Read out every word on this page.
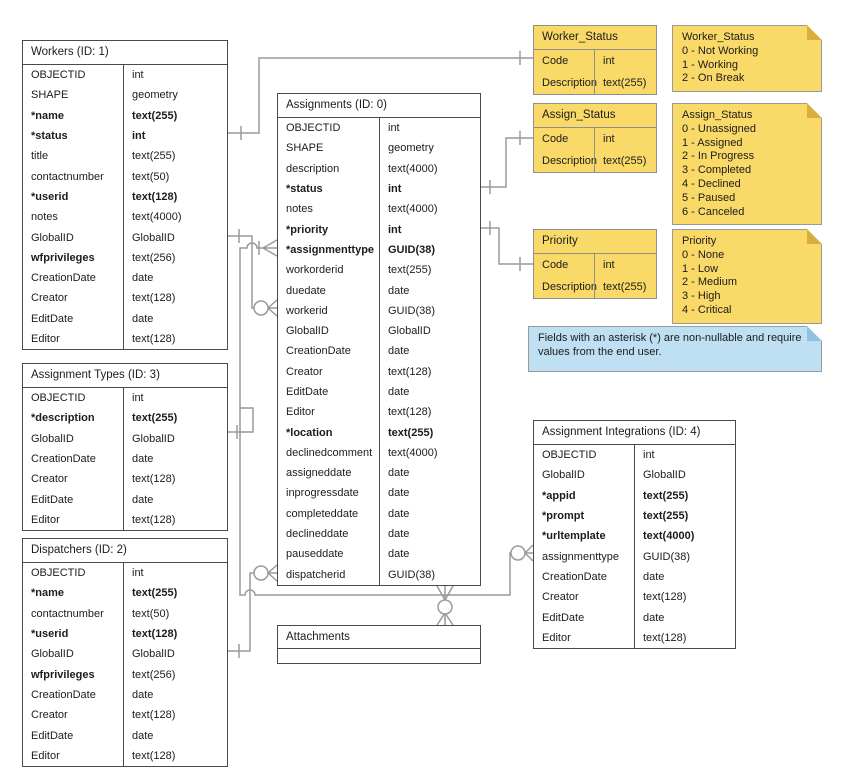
Workers (ID: 1)
OBJECTID	int
SHAPE	geometry
*name	text(255)
*status	int
title	text(255)
contactnumber	text(50)
*userid	text(128)
notes	text(4000)
GlobalID	GlobalID
wfprivileges	text(256)
CreationDate	date
Creator	text(128)
EditDate	date
Editor	text(128)
Assignment Types (ID: 3)
OBJECTID	int
*description	text(255)
GlobalID	GlobalID
CreationDate	date
Creator	text(128)
EditDate	date
Editor	text(128)
Dispatchers (ID: 2)
OBJECTID	int
*name	text(255)
contactnumber	text(50)
*userid	text(128)
GlobalID	GlobalID
wfprivileges	text(256)
CreationDate	date
Creator	text(128)
EditDate	date
Editor	text(128)
Assignments (ID: 0)
OBJECTID	int
SHAPE	geometry
description	text(4000)
*status	int
notes	text(4000)
*priority	int
*assignmenttype	GUID(38)
workorderid	text(255)
duedate	date
workerid	GUID(38)
GlobalID	GlobalID
CreationDate	date
Creator	text(128)
EditDate	date
Editor	text(128)
*location	text(255)
declinedcomment	text(4000)
assigneddate	date
inprogressdate	date
completeddate	date
declineddate	date
pauseddate	date
dispatcherid	GUID(38)
Attachments
Assignment Integrations (ID: 4)
OBJECTID	int
GlobalID	GlobalID
*appid	text(255)
*prompt	text(255)
*urltemplate	text(4000)
assignmenttype	GUID(38)
CreationDate	date
Creator	text(128)
EditDate	date
Editor	text(128)
Worker_Status
Code	int
Description text(255)
Assign_Status
Code	int
Description text(255)
Priority
Code	int
Description text(255)
Worker_Status
0 - Not Working
1 - Working
2 - On Break
Assign_Status
0 - Unassigned
1 - Assigned
2 - In Progress
3 - Completed
4 - Declined
5 - Paused
6 - Canceled
Priority
0 - None
1 - Low
2 - Medium
3 - High
4 - Critical
Fields with an asterisk (*) are non-nullable and require values from the end user.
